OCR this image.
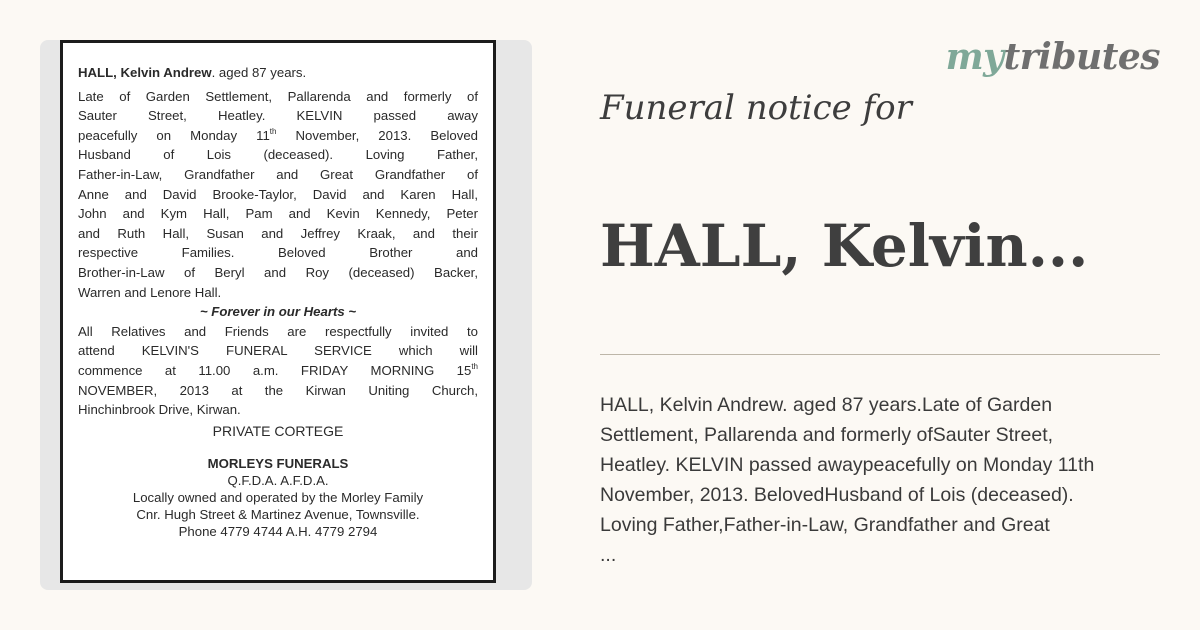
HALL, Kelvin Andrew. aged 87 years.
Late of Garden Settlement, Pallarenda and formerly of
Sauter Street, Heatley. KELVIN passed away
peacefully on Monday 11th November, 2013. Beloved
Husband of Lois (deceased). Loving Father,
Father-in-Law, Grandfather and Great Grandfather of
Anne and David Brooke-Taylor, David and Karen Hall,
John and Kym Hall, Pam and Kevin Kennedy, Peter
and Ruth Hall, Susan and Jeffrey Kraak, and their
respective Families. Beloved Brother and
Brother-in-Law of Beryl and Roy (deceased) Backer,
Warren and Lenore Hall.
~ Forever in our Hearts ~
All Relatives and Friends are respectfully invited to
attend KELVIN'S FUNERAL SERVICE which will
commence at 11.00 a.m. FRIDAY MORNING 15th
NOVEMBER, 2013 at the Kirwan Uniting Church,
Hinchinbrook Drive, Kirwan.
PRIVATE CORTEGE
MORLEYS FUNERALS
Q.F.D.A. A.F.D.A.
Locally owned and operated by the Morley Family
Cnr. Hugh Street & Martinez Avenue, Townsville.
Phone 4779 4744 A.H. 4779 2794
mytributes
Funeral notice for
HALL, Kelvin...
HALL, Kelvin Andrew. aged 87 years.Late of Garden
Settlement, Pallarenda and formerly ofSauter Street,
Heatley. KELVIN passed awaypeacefully on Monday 11th
November, 2013. BelovedHusband of Lois (deceased).
Loving Father,Father-in-Law, Grandfather and Great
...
